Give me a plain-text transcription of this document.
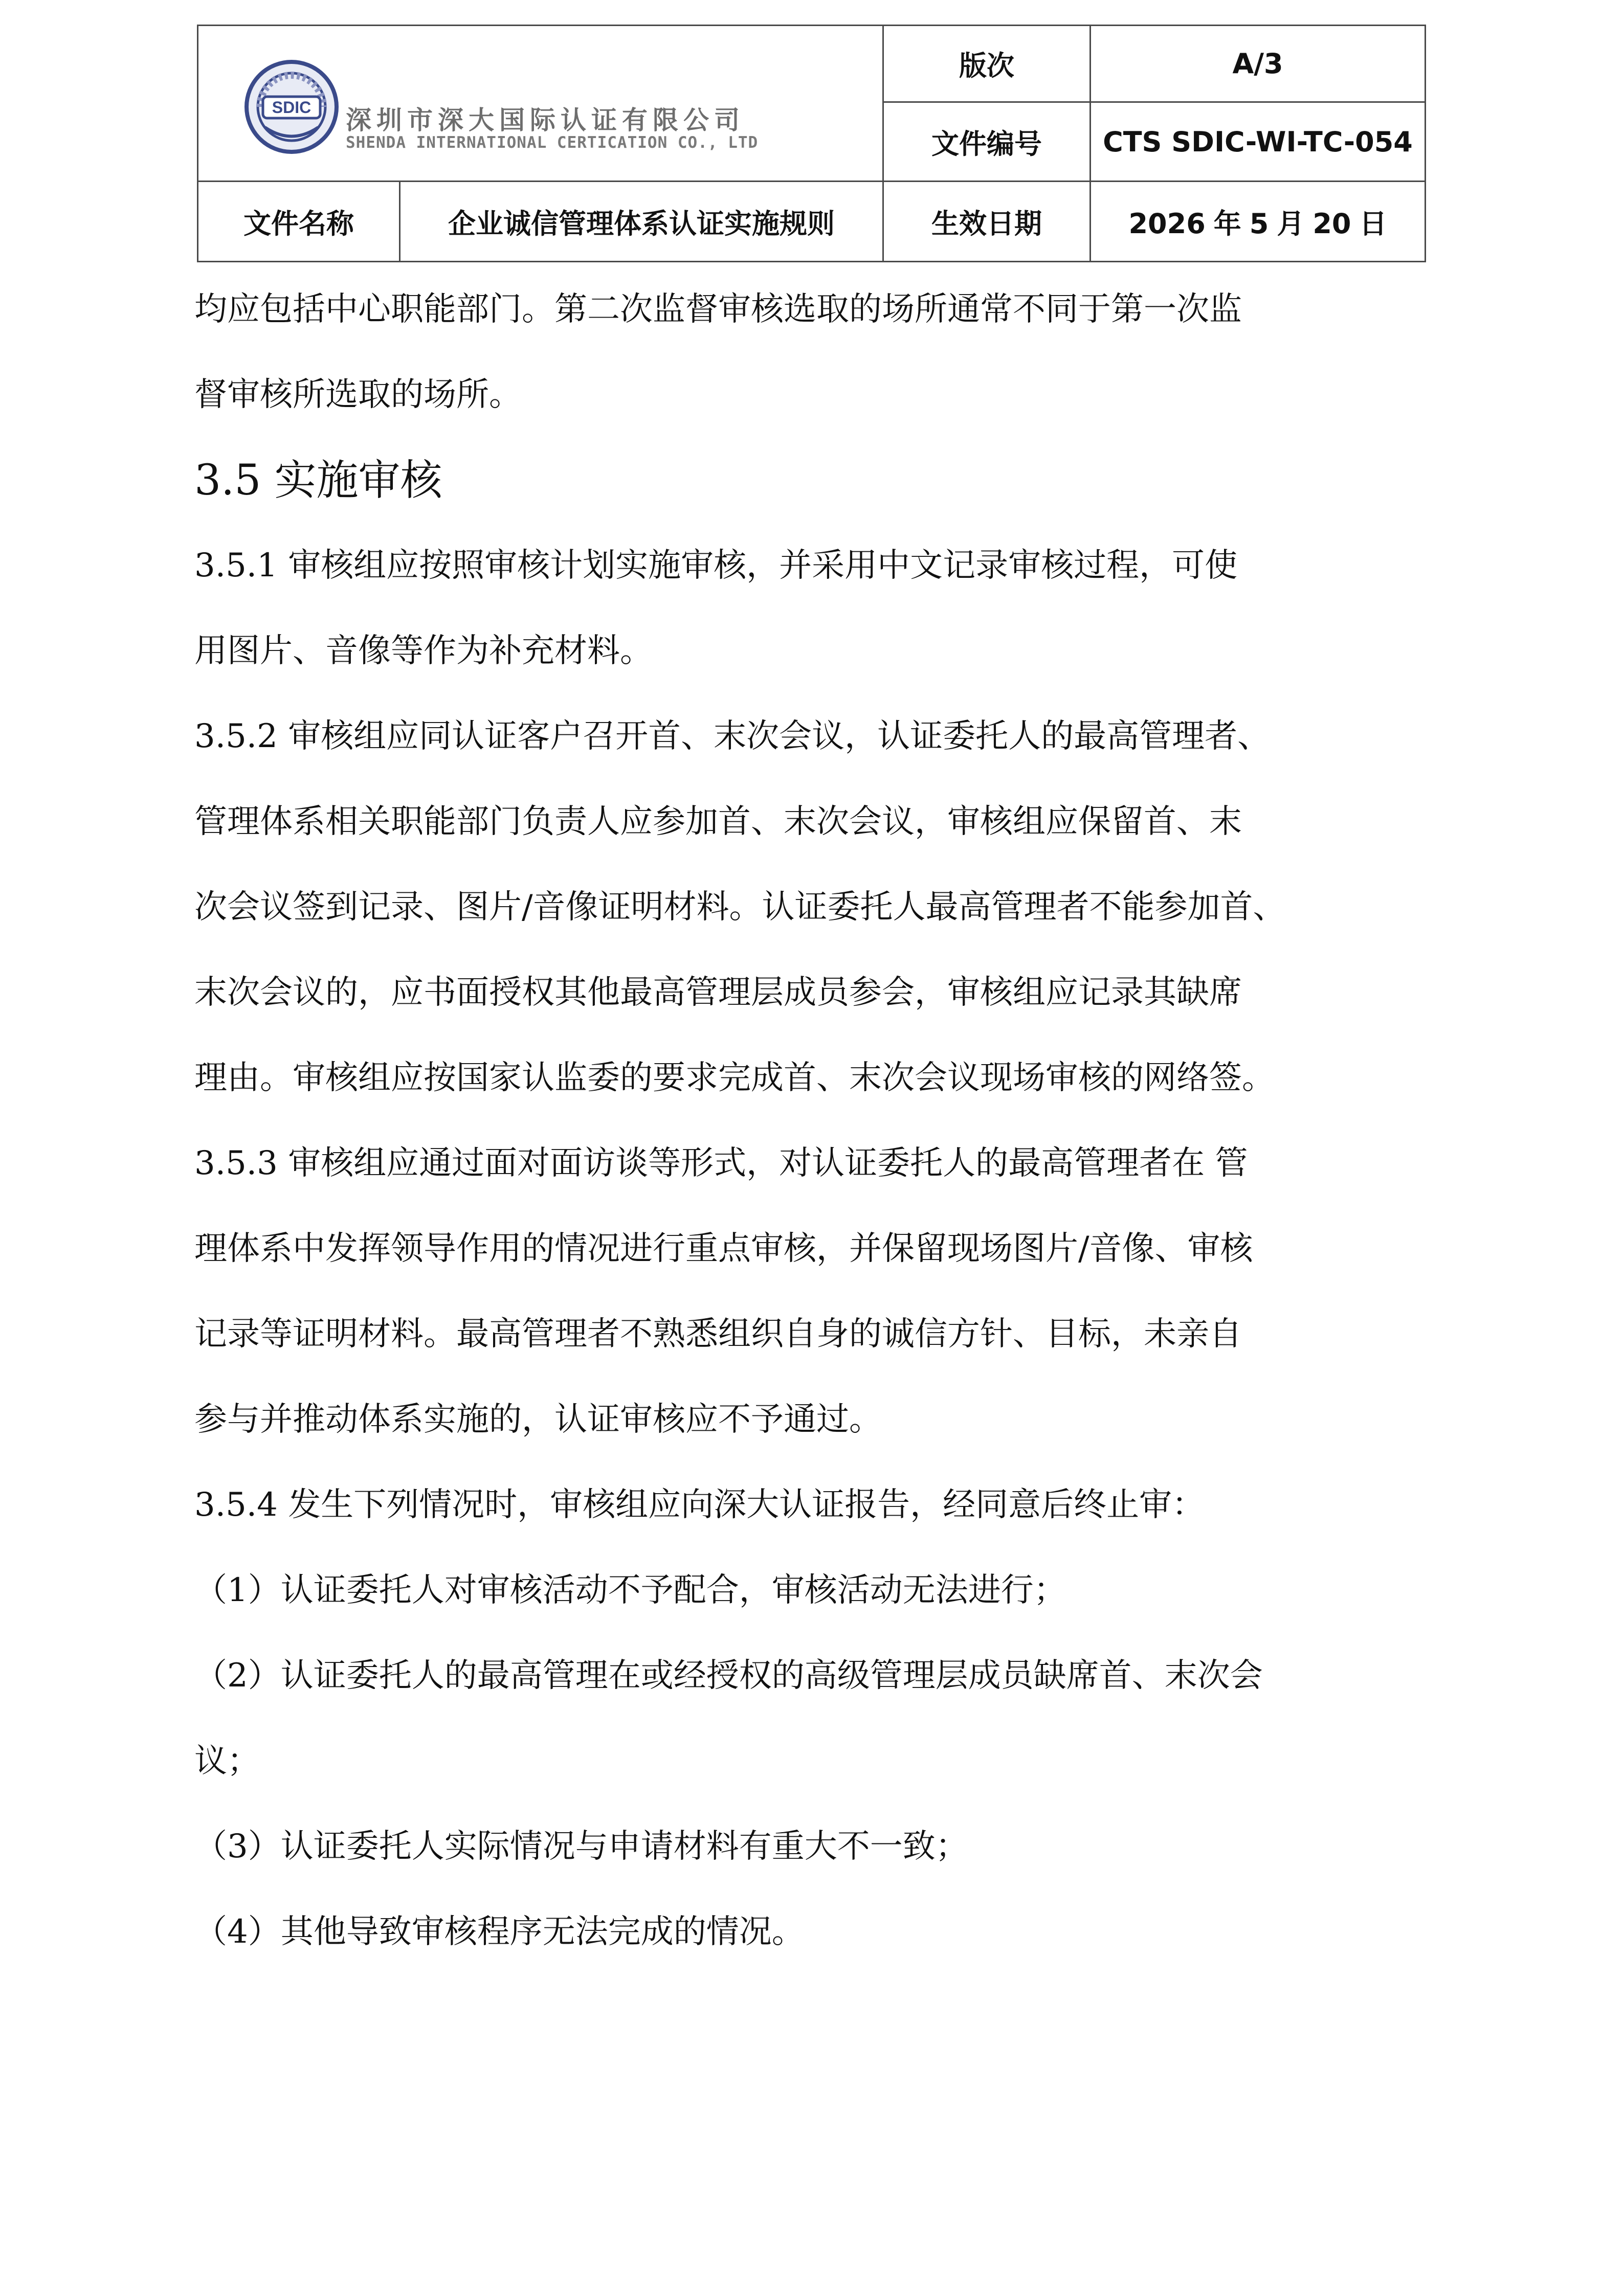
SDIC 深圳市深大国际认证有限公司
SHENDA INTERNATIONAL CERTICATION CO., LTD		版次	A/3
		文件编号	CTS SDIC-WI-TC-054
文件名称	企业诚信管理体系认证实施规则	生效日期	2026 年 5 月 20 日

均应包括中心职能部门。第二次监督审核选取的场所通常不同于第一次监

督审核所选取的场所。

3.5 实施审核

3.5.1 审核组应按照审核计划实施审核，并采用中文记录审核过程，可使

用图片、音像等作为补充材料。

3.5.2 审核组应同认证客户召开首、末次会议，认证委托人的最高管理者、

管理体系相关职能部门负责人应参加首、末次会议，审核组应保留首、末

次会议签到记录、图片/音像证明材料。认证委托人最高管理者不能参加首、

末次会议的，应书面授权其他最高管理层成员参会，审核组应记录其缺席

理由。审核组应按国家认监委的要求完成首、末次会议现场审核的网络签。

3.5.3 审核组应通过面对面访谈等形式，对认证委托人的最高管理者在 管

理体系中发挥领导作用的情况进行重点审核，并保留现场图片/音像、审核

记录等证明材料。最高管理者不熟悉组织自身的诚信方针、目标，未亲自

参与并推动体系实施的，认证审核应不予通过。

3.5.4 发生下列情况时，审核组应向深大认证报告，经同意后终止审：

（1）认证委托人对审核活动不予配合，审核活动无法进行；

（2）认证委托人的最高管理在或经授权的高级管理层成员缺席首、末次会

议；

（3）认证委托人实际情况与申请材料有重大不一致；

（4）其他导致审核程序无法完成的情况。
